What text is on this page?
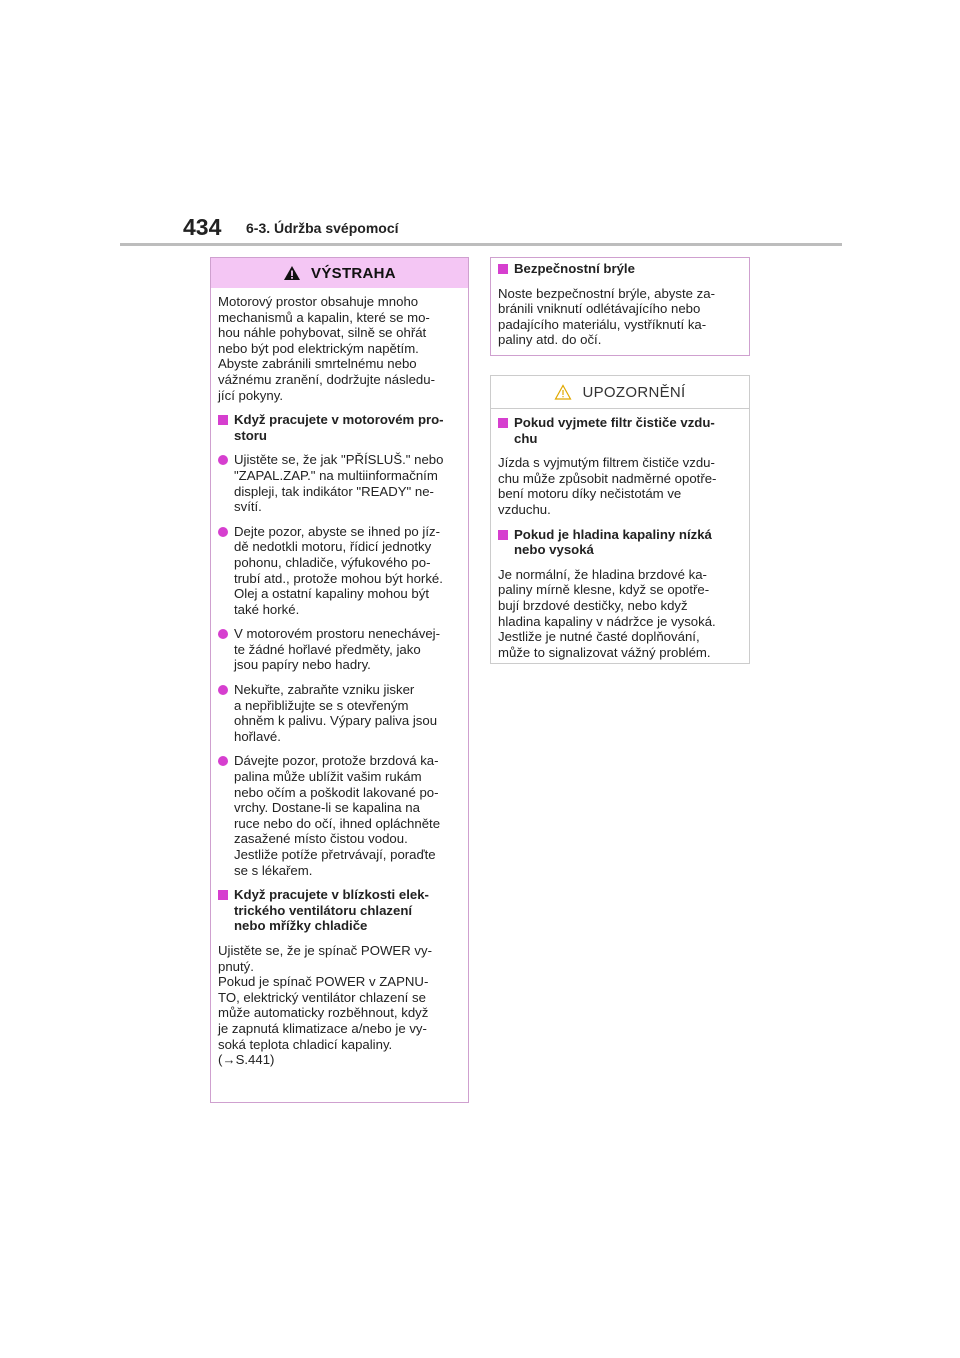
434 6-3. Údržba svépomocí
VÝSTRAHA

Motorový prostor obsahuje mnoho
mechanismů a kapalin, které se mo-
hou náhle pohybovat, silně se ohřát
nebo být pod elektrickým napětím.
Abyste zabránili smrtelnému nebo
vážnému zranění, dodržujte následu-
jící pokyny.

Když pracujete v motorovém pro-
storu
Ujistěte se, že jak "PŘÍSLUŠ." nebo
"ZAPAL.ZAP." na multiinformačním
displeji, tak indikátor "READY" ne-
svítí.
Dejte pozor, abyste se ihned po jíz-
dě nedotkli motoru, řídicí jednotky
pohonu, chladiče, výfukového po-
trubí atd., protože mohou být horké.
Olej a ostatní kapaliny mohou být
také horké.
V motorovém prostoru nenechávej-
te žádné hořlavé předměty, jako
jsou papíry nebo hadry.
Nekuřte, zabraňte vzniku jisker
a nepřibližujte se s otevřeným
ohněm k palivu. Výpary paliva jsou
hořlavé.
Dávejte pozor, protože brzdová ka-
palina může ublížit vašim rukám
nebo očím a poškodit lakované po-
vrchy. Dostane-li se kapalina na
ruce nebo do očí, ihned opláchněte
zasažené místo čistou vodou.
Jestliže potíže přetrvávají, poraďte
se s lékařem.
Když pracujete v blízkosti elek-
trického ventilátoru chlazení
nebo mřížky chladiče

Ujistěte se, že je spínač POWER vy-
pnutý.
Pokud je spínač POWER v ZAPNU-
TO, elektrický ventilátor chlazení se
může automaticky rozběhnout, když
je zapnutá klimatizace a/nebo je vy-
soká teplota chladicí kapaliny.
(→S.441)

Bezpečnostní brýle

Noste bezpečnostní brýle, abyste za-
bránili vniknutí odlétávajícího nebo
padajícího materiálu, vystříknutí ka-
paliny atd. do očí.

UPOZORNĚNÍ
Pokud vyjmete filtr čističe vzdu-
chu

Jízda s vyjmutým filtrem čističe vzdu-
chu může způsobit nadměrné opotře-
bení motoru díky nečistotám ve
vzduchu.

Pokud je hladina kapaliny nízká
nebo vysoká

Je normální, že hladina brzdové ka-
paliny mírně klesne, když se opotře-
bují brzdové destičky, nebo když
hladina kapaliny v nádržce je vysoká.
Jestliže je nutné časté doplňování,
může to signalizovat vážný problém.
